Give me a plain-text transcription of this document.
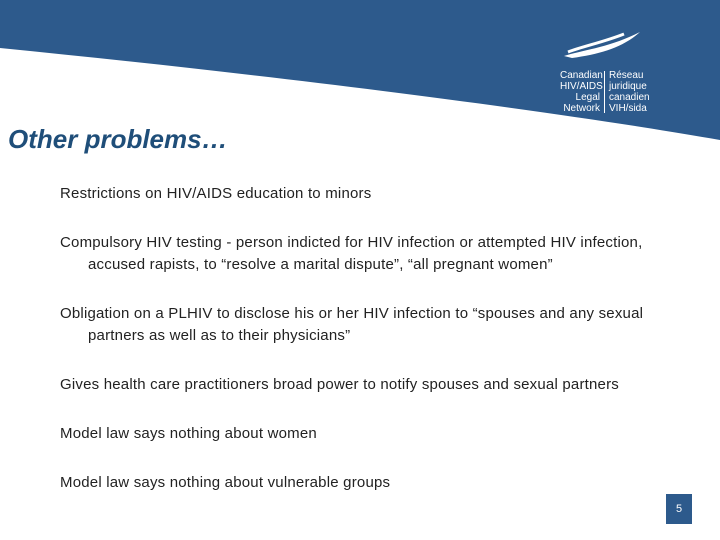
Canadian
HIV/AIDS
Legal
Network
Réseau
juridique
canadien
VIH/sida
Other problems…
Restrictions on HIV/AIDS education to minors
Compulsory HIV testing - person indicted for HIV infection or attempted HIV infection, accused rapists, to “resolve a marital dispute”, “all pregnant women”
Obligation on a PLHIV to disclose his or her HIV infection to “spouses and any sexual partners as well as to their physicians”
Gives health care practitioners broad power to notify spouses and sexual partners
Model law says nothing about women
Model law says nothing about vulnerable groups
5
